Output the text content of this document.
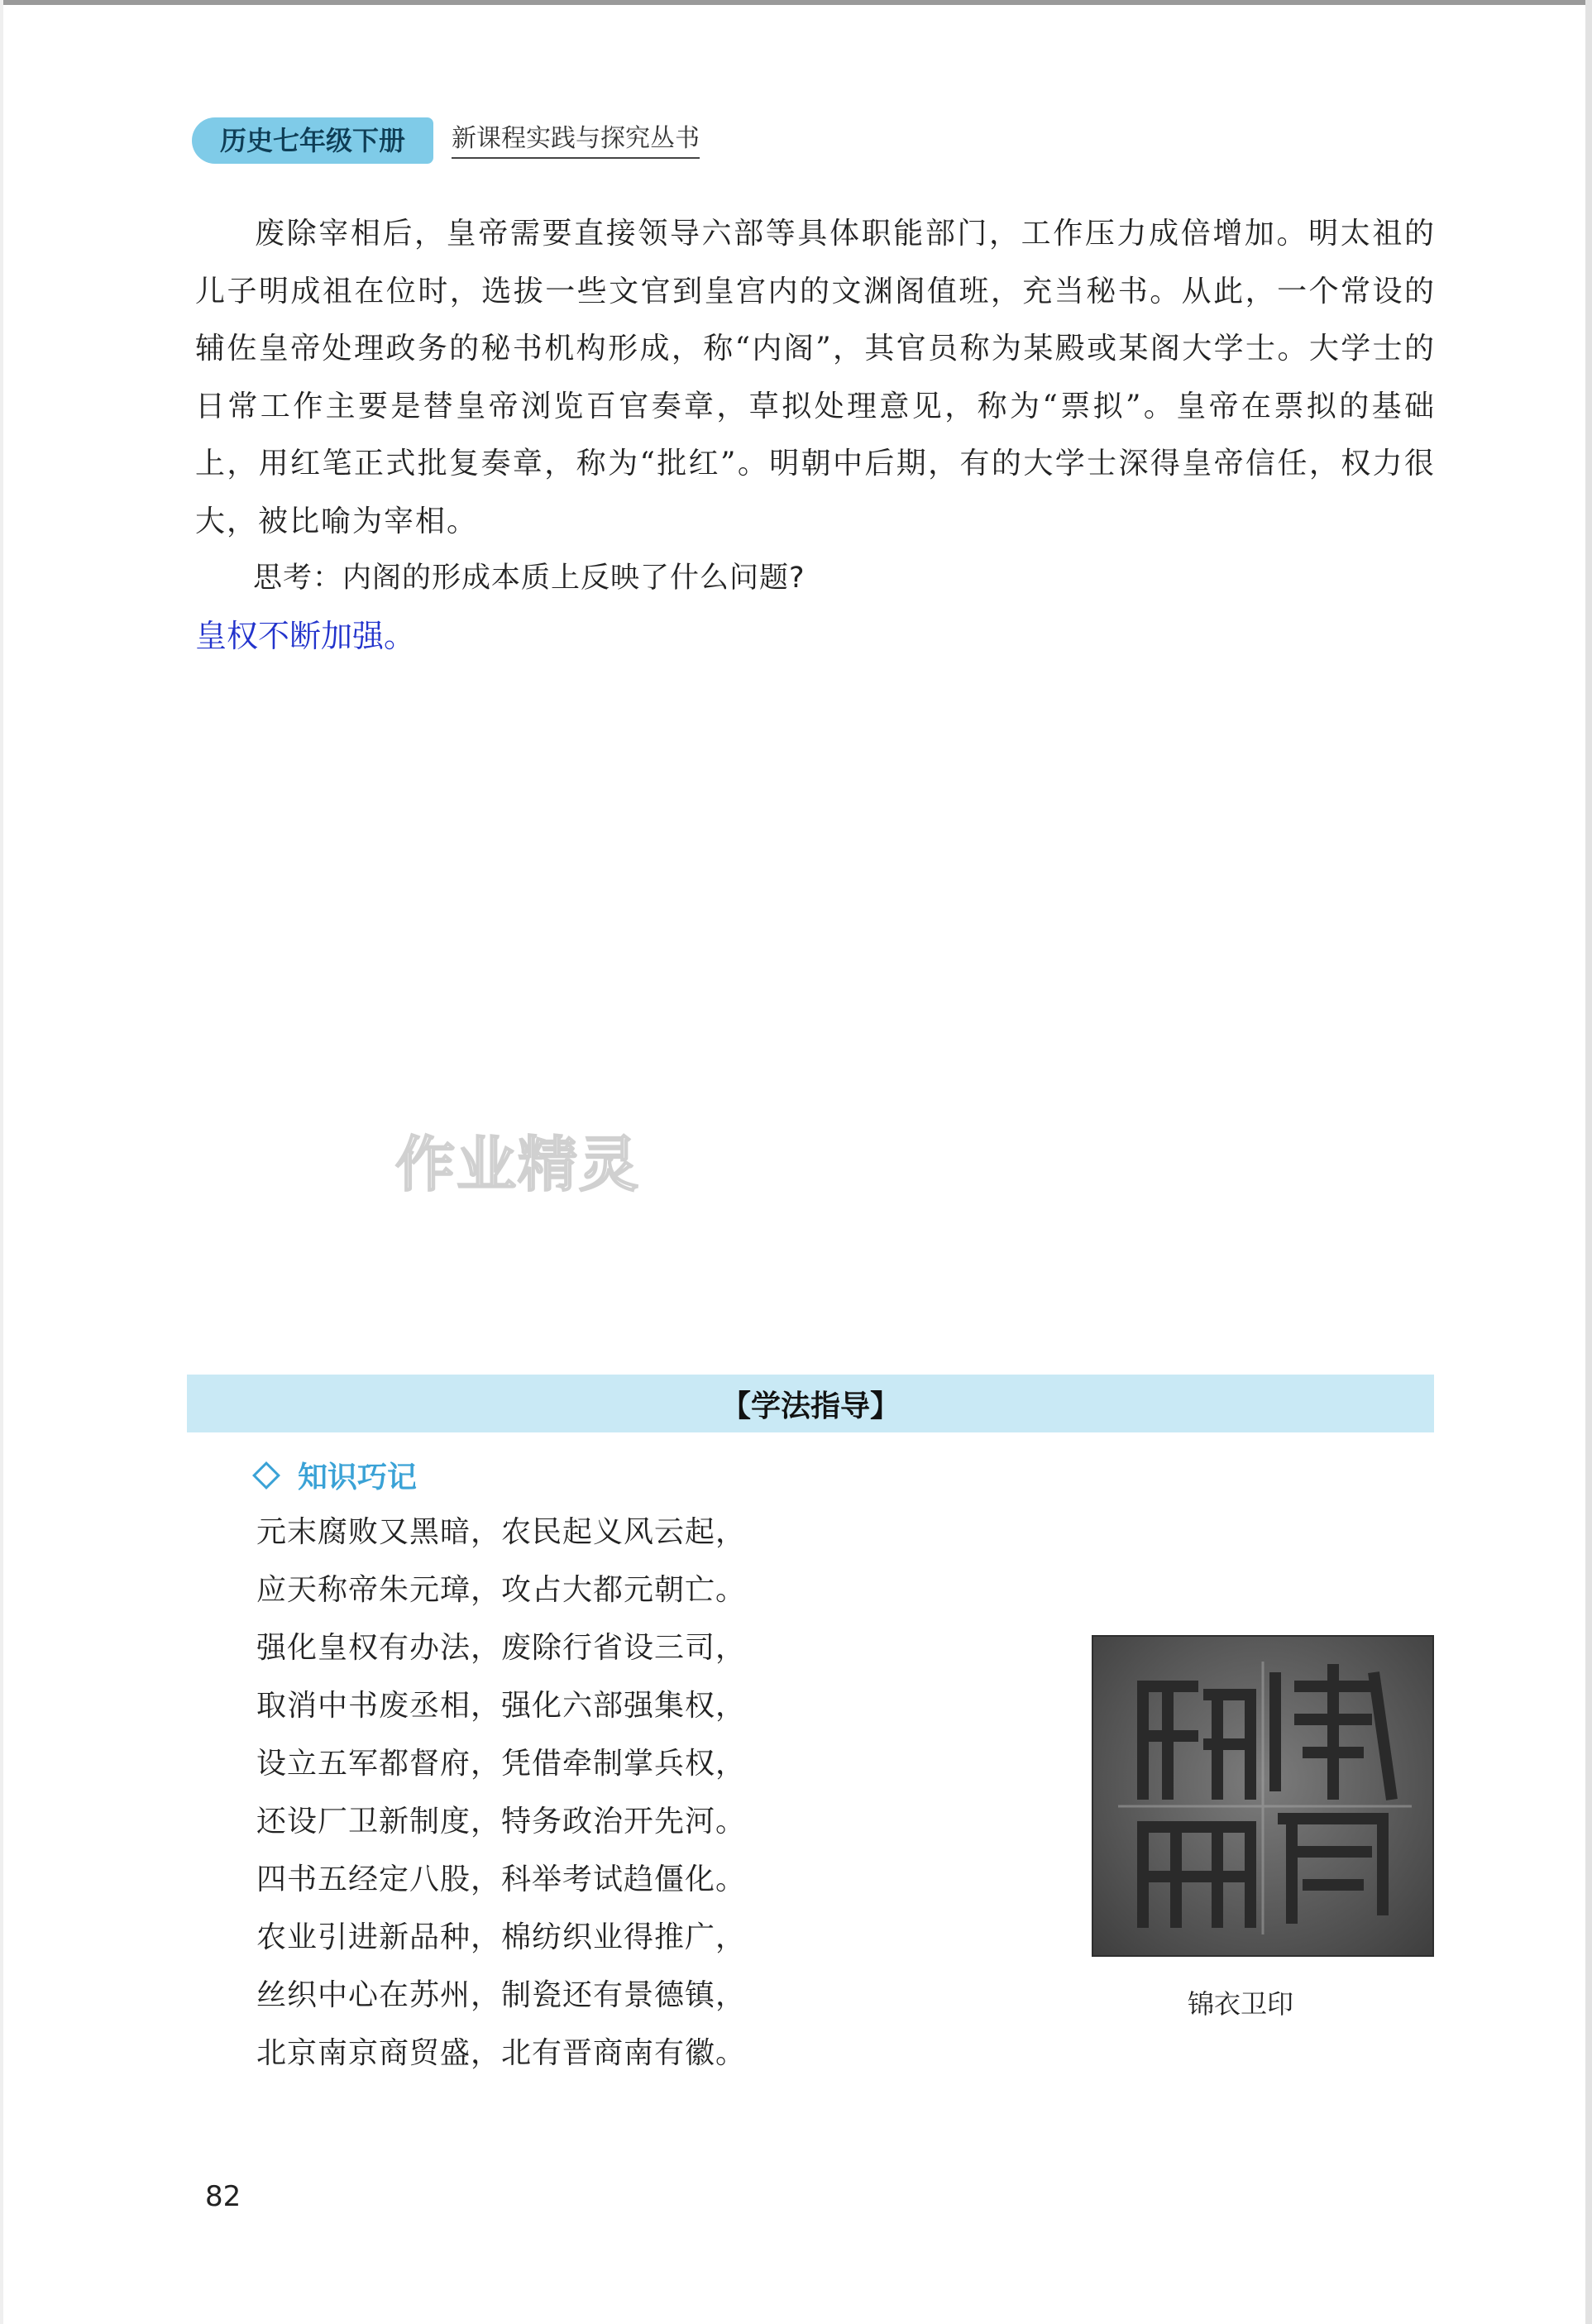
历史七年级下册	新课程实践与探究丛书

废除宰相后，皇帝需要直接领导六部等具体职能部门，工作压力成倍增加。明太祖的儿子明成祖在位时，选拔一些文官到皇宫内的文渊阁值班，充当秘书。从此，一个常设的辅佐皇帝处理政务的秘书机构形成，称“内阁”，其官员称为某殿或某阁大学士。大学士的日常工作主要是替皇帝浏览百官奏章，草拟处理意见，称为“票拟”。皇帝在票拟的基础上，用红笔正式批复奏章，称为“批红”。明朝中后期，有的大学士深得皇帝信任，权力很大，被比喻为宰相。

思考：内阁的形成本质上反映了什么问题?

皇权不断加强。
作业精灵
【学法指导】
知识巧记
元末腐败又黑暗，农民起义风云起，
应天称帝朱元璋，攻占大都元朝亡。
强化皇权有办法，废除行省设三司，
取消中书废丞相，强化六部强集权，
设立五军都督府，凭借牵制掌兵权，
还设厂卫新制度，特务政治开先河。
四书五经定八股，科举考试趋僵化。
农业引进新品种，棉纺织业得推广，
丝织中心在苏州，制瓷还有景德镇，
北京南京商贸盛，北有晋商南有徽。
锦衣卫印
82
